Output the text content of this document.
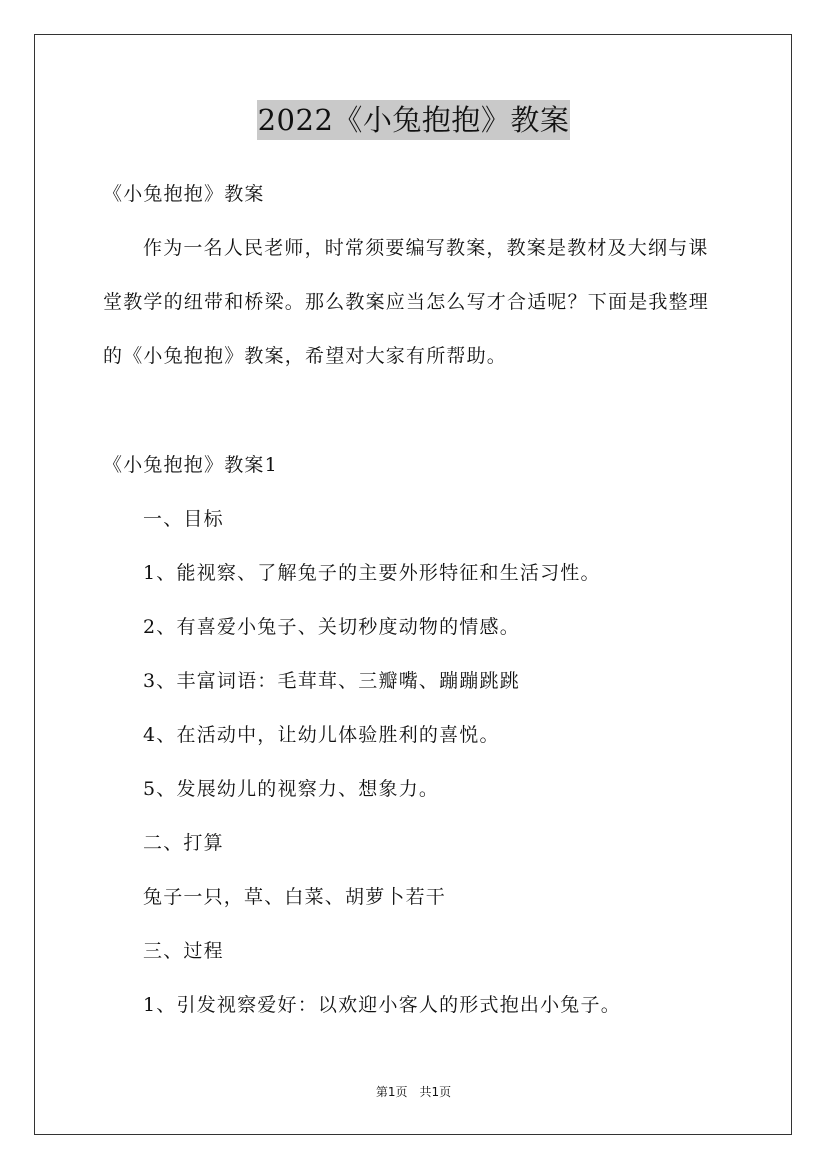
2022《小兔抱抱》教案
《小兔抱抱》教案
作为一名人民老师，时常须要编写教案，教案是教材及大纲与课
堂教学的纽带和桥梁。那么教案应当怎么写才合适呢？下面是我整理
的《小兔抱抱》教案，希望对大家有所帮助。
《小兔抱抱》教案1
一、目标
1、能视察、了解兔子的主要外形特征和生活习性。
2、有喜爱小兔子、关切秒度动物的情感。
3、丰富词语：毛茸茸、三瓣嘴、蹦蹦跳跳
4、在活动中，让幼儿体验胜利的喜悦。
5、发展幼儿的视察力、想象力。
二、打算
兔子一只，草、白菜、胡萝卜若干
三、过程
1、引发视察爱好：以欢迎小客人的形式抱出小兔子。
第1页　共1页
